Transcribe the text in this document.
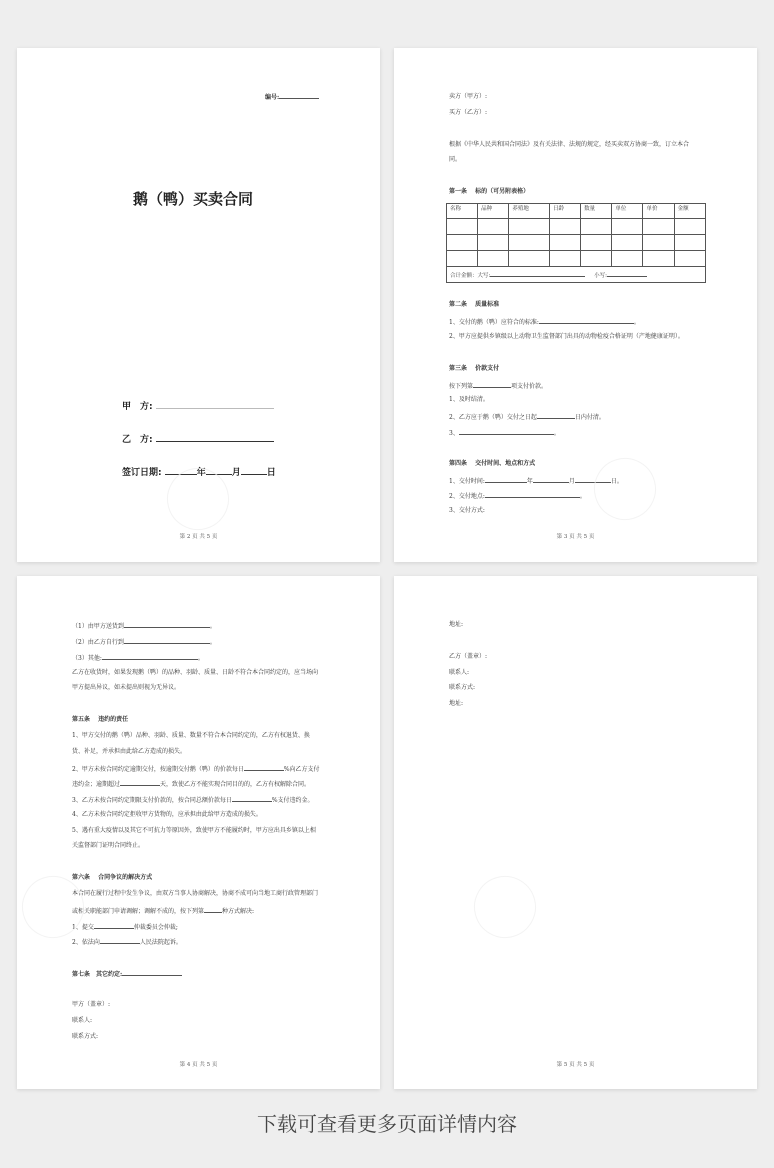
编号:
鹅（鸭）买卖合同
甲　方:
乙　方:
签订日期:	年	月	日
第 2 页 共 5 页
卖方（甲方）:
买方（乙方）:
根据《中华人民共和国合同法》及有关法律、法规的规定，经买卖双方协商一致，订立本合
同。
第一条　 标的（可另附表格）
名称	品种	养殖地	日龄	数量	单位	单价	金额

合计金额：大写: 小写:							
第二条　 质量标准
1、交付的鹅（鸭）应符合的标准:	。
2、甲方应提供乡镇级以上动物卫生监督部门出具的动物检疫合格证明（产地健康证明）。
第三条　 价款支付
按下列第	项支付价款。
1、及时结清。
2、乙方应于鹅（鸭）交付之日起	日内付清。
3、	。
第四条　 交付时间、地点和方式
1、交付时间:	年	月	日。
2、交付地点:	。
3、交付方式:
第 3 页 共 5 页
（1）由甲方送货到	。
（2）由乙方自行到	。
（3）其他:	。
乙方在收货时，如果发现鹅（鸭）的品种、羽龄、质量、日龄不符合本合同约定的，应当场向
甲方提出异议，如未提出则视为无异议。
第五条　 违约的责任
1、甲方交付的鹅（鸭）品种、羽龄、质量、数量不符合本合同约定的，乙方有权退货、换
货、补足，并承担由此给乙方造成的损失。
2、甲方未按合同约定逾期交付，按逾期交付鹅（鸭）的价款每日	%向乙方支付
违约金；逾期超过	天，致使乙方不能实现合同目的的，乙方有权解除合同。
3、乙方未按合同约定期限支付价款的，按合同总额价款每日	%支付违约金。
4、乙方未按合同约定拒收甲方货物的，应承担由此给甲方造成的损失。
5、遇有重大疫情以及其它不可抗力等原因外，致使甲方不能履约时，甲方应出具乡镇以上相
关监督部门证明合同终止。
第六条　 合同争议的解决方式
本合同在履行过程中发生争议，由双方当事人协商解决，协商不成可向当地工商行政管理部门
或相关职能部门申请调解；调解不成的，按下列第	种方式解决:
1、提交	仲裁委员会仲裁;
2、依法向	人民法院起诉。
第七条　其它约定:
甲方（盖章）:
联系人:
联系方式:
第 4 页 共 5 页
地址:
乙方（盖章）:
联系人:
联系方式:
地址:
第 5 页 共 5 页
下载可查看更多页面详情内容
